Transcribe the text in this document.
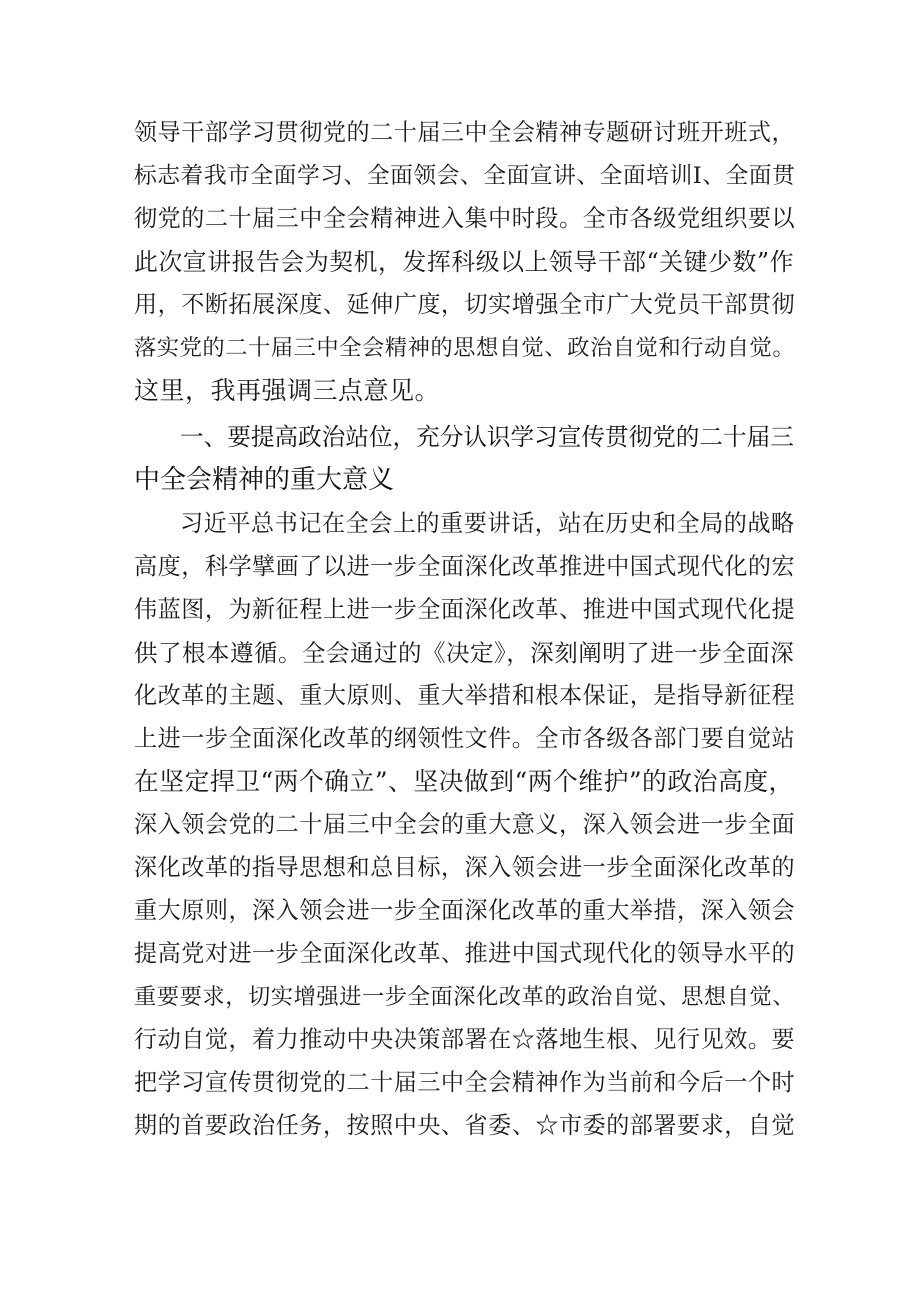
领导干部学习贯彻党的二十届三中全会精神专题研讨班开班式，
标志着我市全面学习、全面领会、全面宣讲、全面培训I、全面贯
彻党的二十届三中全会精神进入集中时段。全市各级党组织要以
此次宣讲报告会为契机，发挥科级以上领导干部“关键少数”作
用，不断拓展深度、延伸广度，切实增强全市广大党员干部贯彻
落实党的二十届三中全会精神的思想自觉、政治自觉和行动自觉。
这里，我再强调三点意见。
一、要提高政治站位，充分认识学习宣传贯彻党的二十届三
中全会精神的重大意义
习近平总书记在全会上的重要讲话，站在历史和全局的战略
高度，科学擘画了以进一步全面深化改革推进中国式现代化的宏
伟蓝图，为新征程上进一步全面深化改革、推进中国式现代化提
供了根本遵循。全会通过的《决定》，深刻阐明了进一步全面深
化改革的主题、重大原则、重大举措和根本保证，是指导新征程
上进一步全面深化改革的纲领性文件。全市各级各部门要自觉站
在坚定捍卫“两个确立”、坚决做到“两个维护”的政治高度，
深入领会党的二十届三中全会的重大意义，深入领会进一步全面
深化改革的指导思想和总目标，深入领会进一步全面深化改革的
重大原则，深入领会进一步全面深化改革的重大举措，深入领会
提高党对进一步全面深化改革、推进中国式现代化的领导水平的
重要要求，切实增强进一步全面深化改革的政治自觉、思想自觉、
行动自觉，着力推动中央决策部署在☆落地生根、见行见效。要
把学习宣传贯彻党的二十届三中全会精神作为当前和今后一个时
期的首要政治任务，按照中央、省委、☆市委的部署要求，自觉
